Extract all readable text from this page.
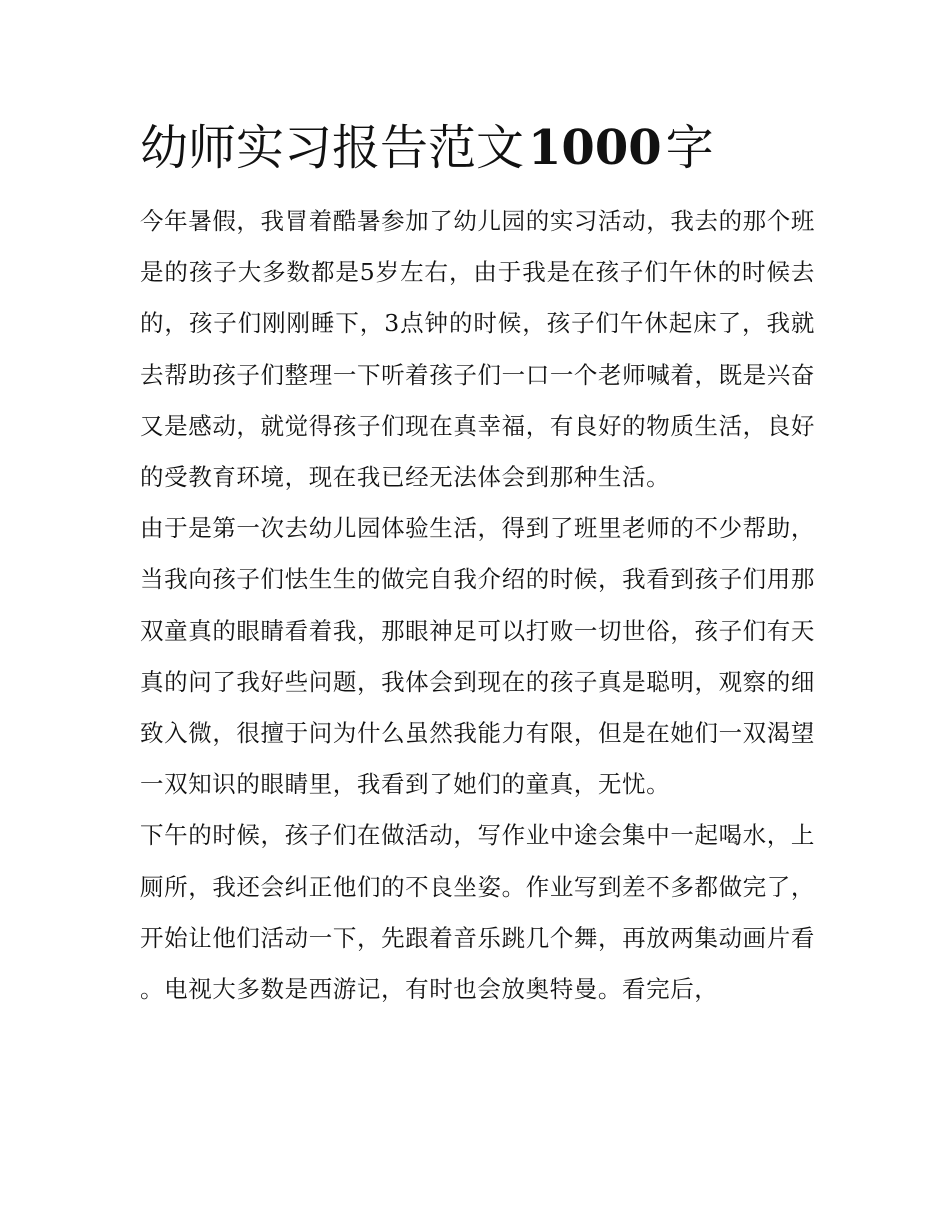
幼师实习报告范文1000字

今年暑假，我冒着酷暑参加了幼儿园的实习活动，我去的那个班是的孩子大多数都是5岁左右，由于我是在孩子们午休的时候去的，孩子们刚刚睡下，3点钟的时候，孩子们午休起床了，我就去帮助孩子们整理一下听着孩子们一口一个老师喊着，既是兴奋又是感动，就觉得孩子们现在真幸福，有良好的物质生活，良好的受教育环境，现在我已经无法体会到那种生活。

由于是第一次去幼儿园体验生活，得到了班里老师的不少帮助，当我向孩子们怯生生的做完自我介绍的时候，我看到孩子们用那双童真的眼睛看着我，那眼神足可以打败一切世俗，孩子们有天真的问了我好些问题，我体会到现在的孩子真是聪明，观察的细致入微，很擅于问为什么虽然我能力有限，但是在她们一双渴望一双知识的眼睛里，我看到了她们的童真，无忧。

下午的时候，孩子们在做活动，写作业中途会集中一起喝水，上厕所，我还会纠正他们的不良坐姿。作业写到差不多都做完了，开始让他们活动一下，先跟着音乐跳几个舞，再放两集动画片看。电视大多数是西游记，有时也会放奥特曼。看完后，
